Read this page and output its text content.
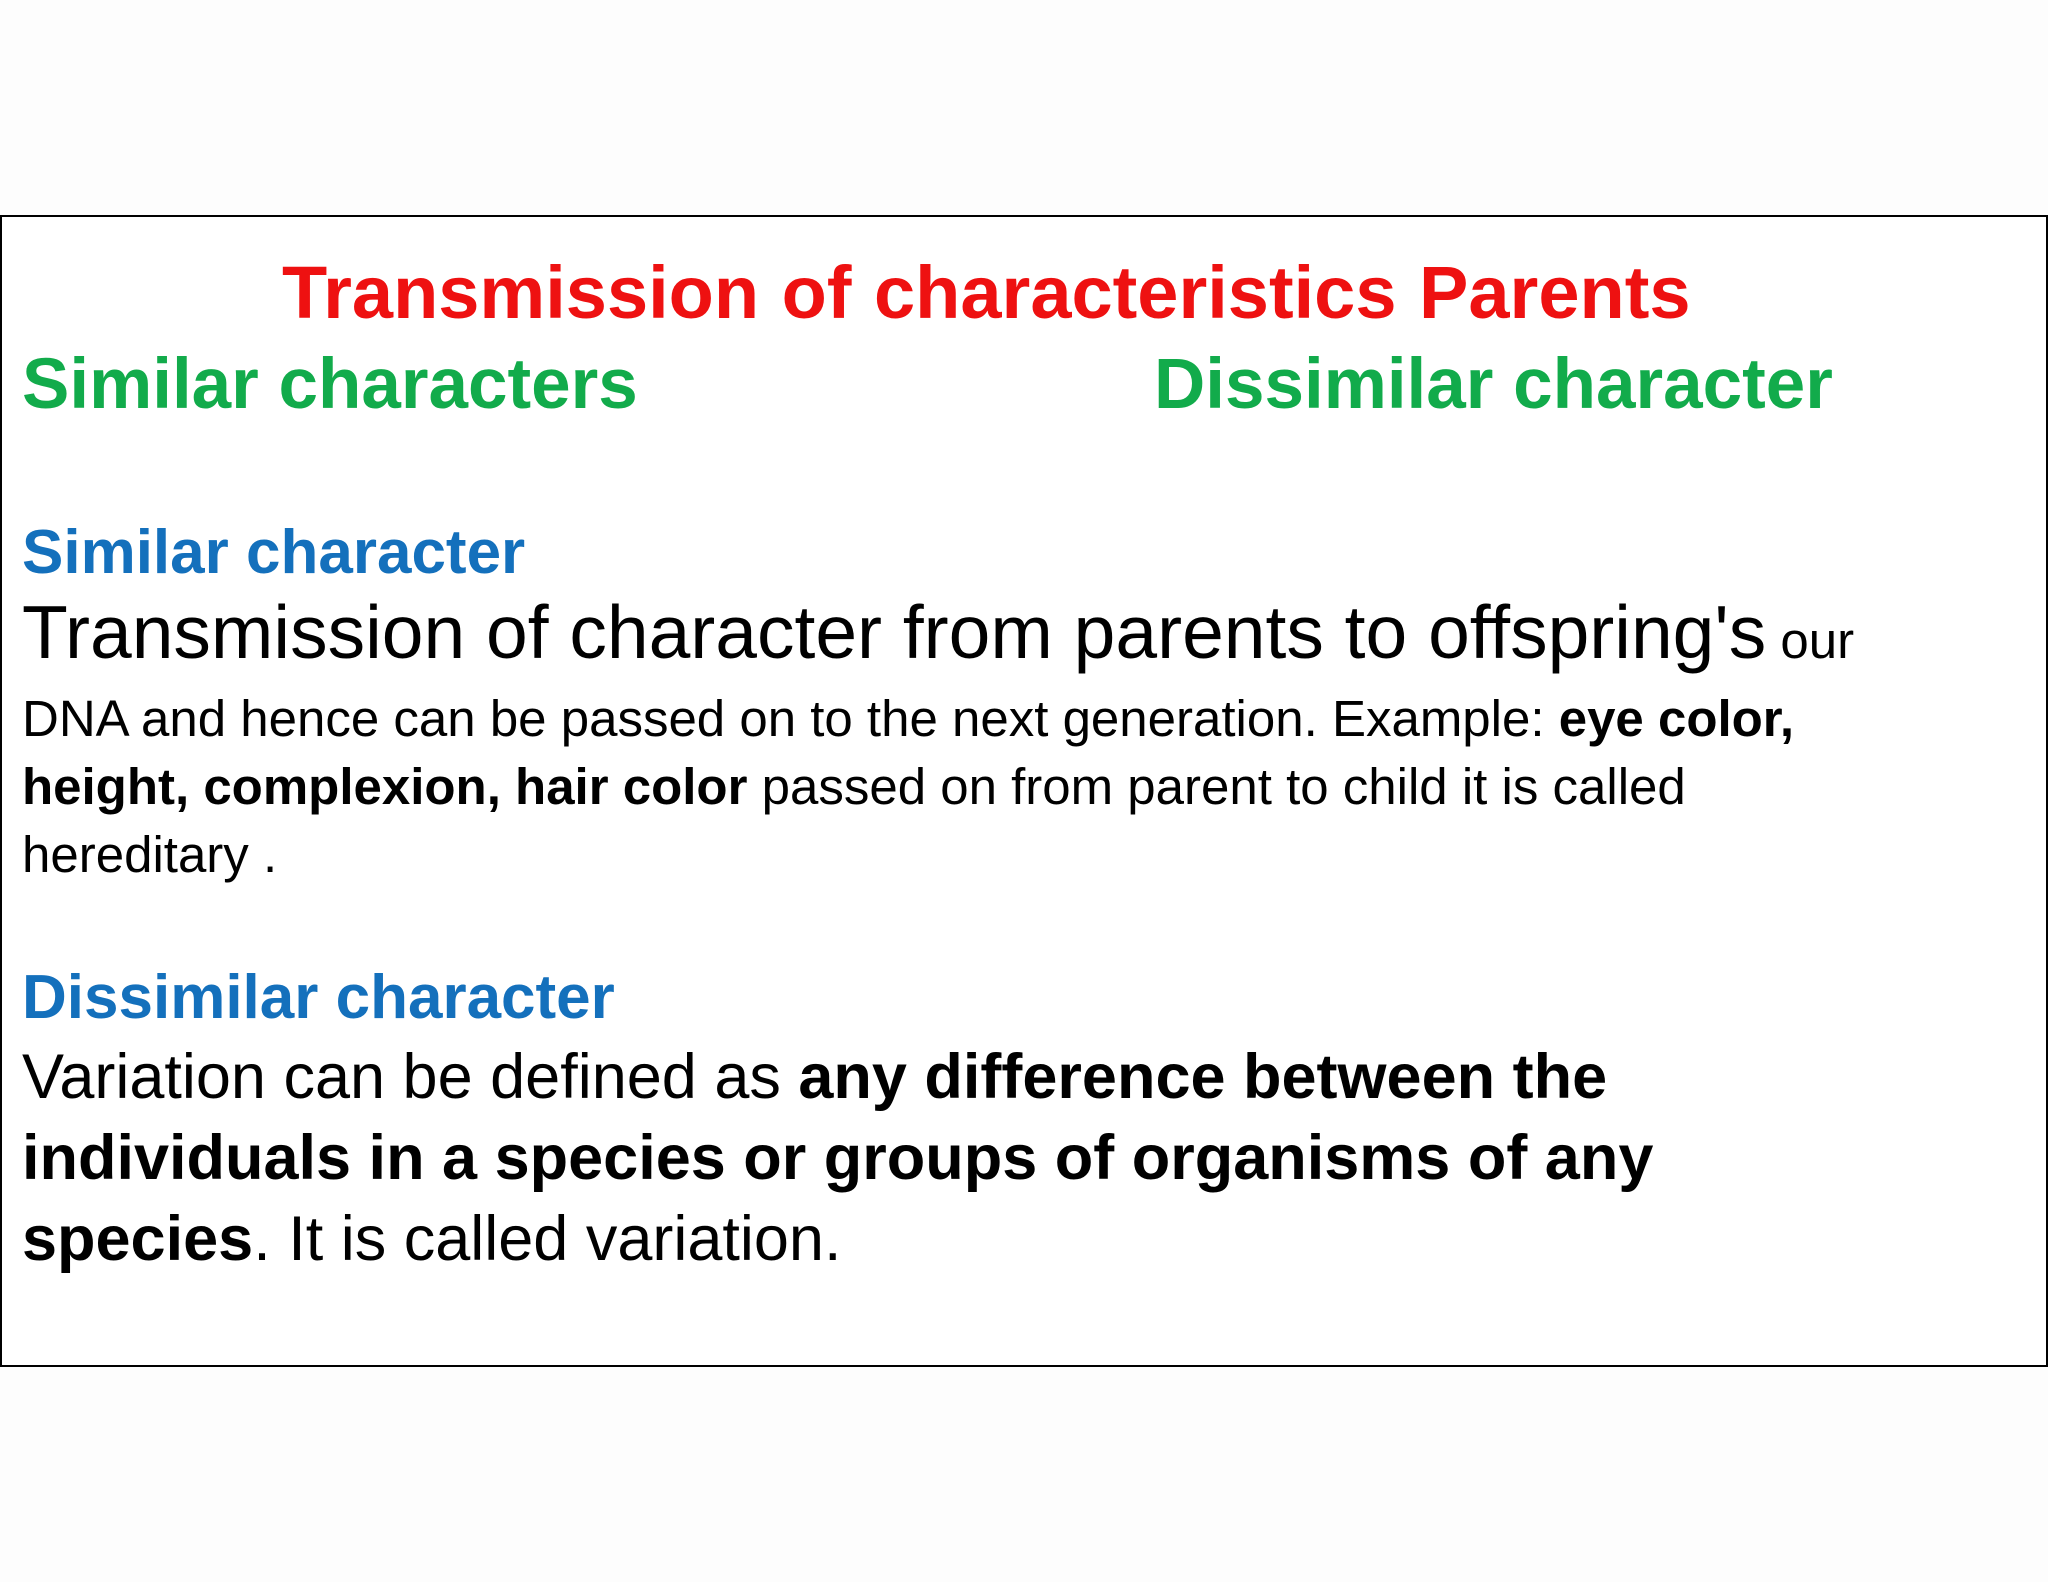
Transmission of characteristics Parents
Similar characters	Dissimilar character
Similar character
Transmission of character from parents to offspring's our

DNA and hence can be passed on to the next generation. Example: eye color,
height, complexion, hair color passed on from parent to child it is called
hereditary .

Dissimilar character

Variation can be defined as any difference between the
individuals in a species or groups of organisms of any
species. It is called variation.
